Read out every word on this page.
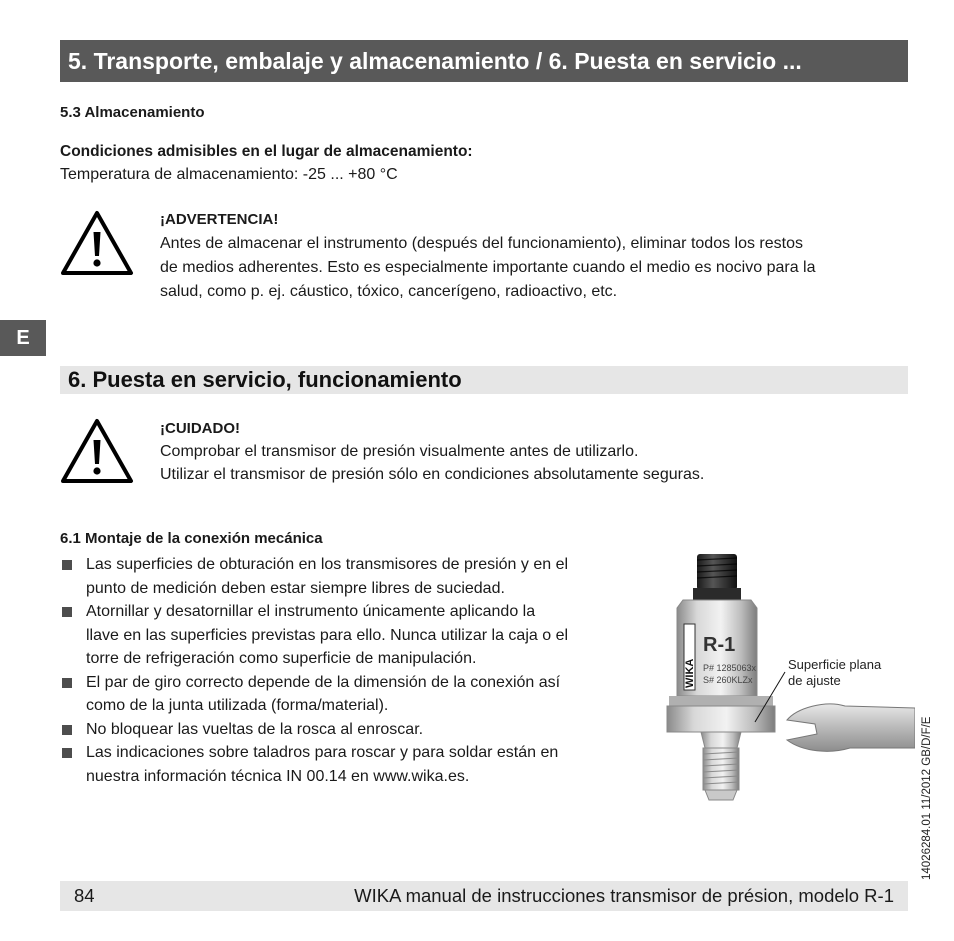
5. Transporte, embalaje y almacenamiento / 6. Puesta en servicio ...
5.3 Almacenamiento
Condiciones admisibles en el lugar de almacenamiento:
Temperatura de almacenamiento: -25 ... +80 °C
¡ADVERTENCIA!
Antes de almacenar el instrumento (después del funcionamiento), eliminar todos los restos
de medios adherentes. Esto es especialmente importante cuando el medio es nocivo para la
salud, como p. ej. cáustico, tóxico, cancerígeno, radioactivo, etc.
E
6. Puesta en servicio, funcionamiento
¡CUIDADO!
Comprobar el transmisor de presión visualmente antes de utilizarlo.
Utilizar el transmisor de presión sólo en condiciones absolutamente seguras.
6.1 Montaje de la conexión mecánica
Las superficies de obturación en los transmisores de presión y en el
punto de medición deben estar siempre libres de suciedad.
Atornillar y desatornillar el instrumento únicamente aplicando la
llave en las superficies previstas para ello. Nunca utilizar la caja o el
torre de refrigeración como superficie de manipulación.
El par de giro correcto depende de la dimensión de la conexión así
como de la junta utilizada (forma/material).
No bloquear las vueltas de la rosca al enroscar.
Las indicaciones sobre taladros para roscar y para soldar están en
nuestra información técnica IN 00.14 en www.wika.es.
WIKA
R-1
P# 1285063x
S# 260KLZx
Superficie plana
de ajuste
14026284.01 11/2012 GB/D/F/E
84	WIKA manual de instrucciones transmisor de présion, modelo R-1
